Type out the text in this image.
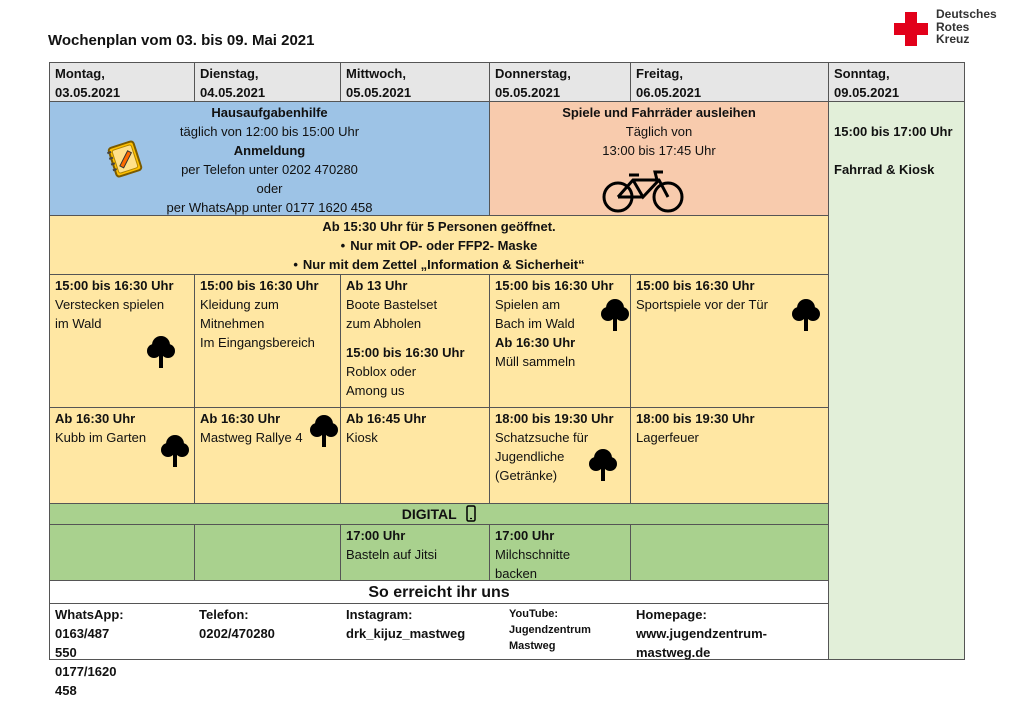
Wochenplan vom 03. bis 09. Mai 2021
Deutsches
Rotes
Kreuz
Montag,
03.05.2021
Dienstag,
04.05.2021
Mittwoch,
05.05.2021
Donnerstag,
05.05.2021
Freitag,
06.05.2021
Sonntag,
09.05.2021
Hausaufgabenhilfe
täglich von 12:00 bis 15:00 Uhr
Anmeldung
per Telefon unter 0202 470280
oder
per WhatsApp unter 0177 1620 458
Spiele und Fahrräder ausleihen
Täglich von
13:00 bis 17:45 Uhr
15:00 bis 17:00 Uhr
Fahrrad & Kiosk
Ab 15:30 Uhr für 5 Personen geöffnet.
• Nur mit OP- oder FFP2- Maske
• Nur mit dem Zettel „Information & Sicherheit“
15:00 bis 16:30 Uhr
Verstecken spielen
im Wald
15:00 bis 16:30 Uhr
Kleidung zum
Mitnehmen
Im Eingangsbereich
Ab 13 Uhr
Boote Bastelset
zum Abholen
15:00 bis 16:30 Uhr
Roblox oder
Among us
15:00 bis 16:30 Uhr
Spielen am
Bach im Wald
Ab 16:30 Uhr
Müll sammeln
15:00 bis 16:30 Uhr
Sportspiele vor der Tür
Ab 16:30 Uhr
Kubb im Garten
Ab 16:30 Uhr
Mastweg Rallye 4
Ab 16:45 Uhr
Kiosk
18:00 bis 19:30 Uhr
Schatzsuche für
Jugendliche
(Getränke)
18:00 bis 19:30 Uhr
Lagerfeuer
DIGITAL
17:00 Uhr
Basteln auf Jitsi
17:00 Uhr
Milchschnitte
backen
So erreicht ihr uns
WhatsApp:
0163/487 550
0177/1620 458
Telefon:
0202/470280
Instagram:
drk_kijuz_mastweg
YouTube:
Jugendzentrum
Mastweg
Homepage:
www.jugendzentrum-
mastweg.de
